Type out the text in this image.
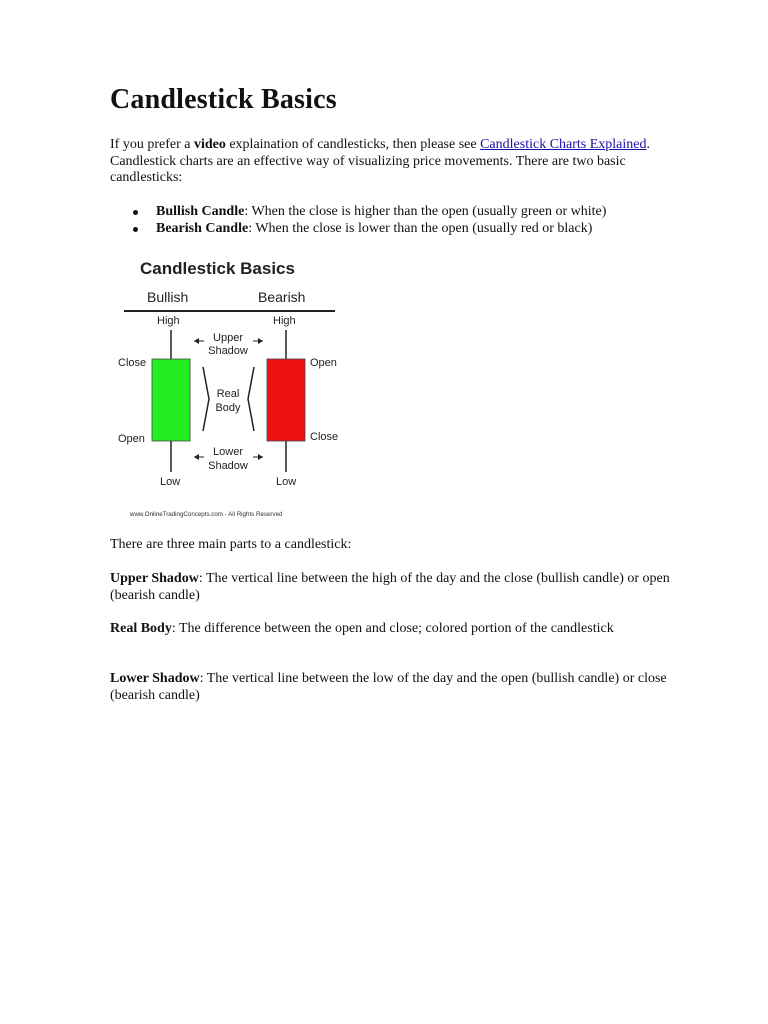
Candlestick Basics

If you prefer a video explaination of candlesticks, then please see Candlestick Charts Explained. Candlestick charts are an effective way of visualizing price movements. There are two basic candlesticks:

Bullish Candle: When the close is higher than the open (usually green or white)
Bearish Candle: When the close is lower than the open (usually red or black)
Candlestick Basics
Bullish	Bearish
High
Low
Close
Open
High
Low
Open
Close
Upper
Shadow
Real
Body
Lower
Shadow
www.OnlineTradingConcepts.com - All Rights Reserved

There are three main parts to a candlestick:

Upper Shadow: The vertical line between the high of the day and the close (bullish candle) or open (bearish candle)

Real Body: The difference between the open and close; colored portion of the candlestick

Lower Shadow: The vertical line between the low of the day and the open (bullish candle) or close (bearish candle)
